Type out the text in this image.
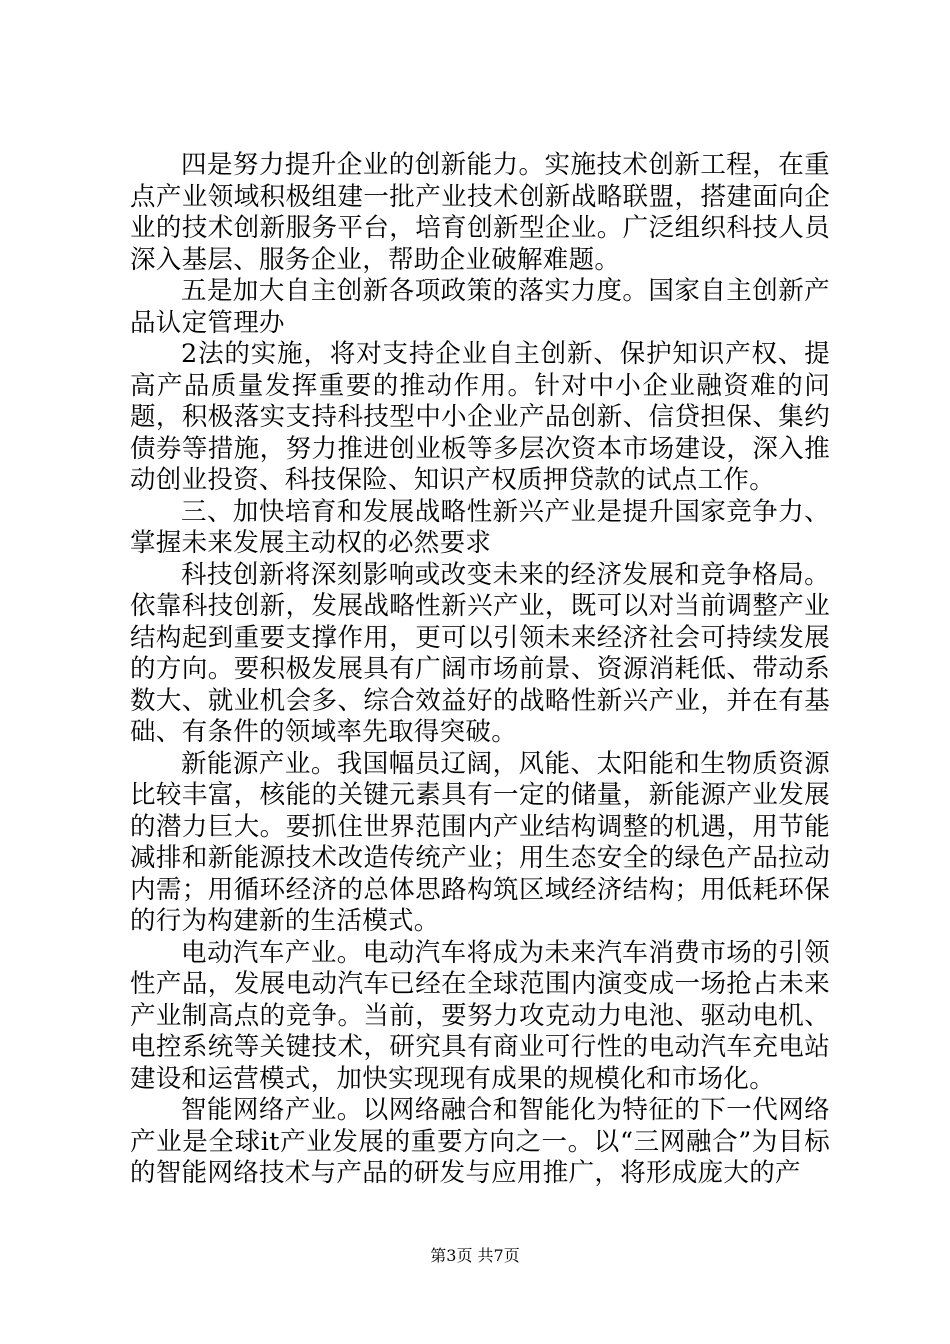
四是努力提升企业的创新能力。实施技术创新工程，在重点产业领域积极组建一批产业技术创新战略联盟，搭建面向企业的技术创新服务平台，培育创新型企业。广泛组织科技人员深入基层、服务企业，帮助企业破解难题。

五是加大自主创新各项政策的落实力度。国家自主创新产品认定管理办

2法的实施，将对支持企业自主创新、保护知识产权、提高产品质量发挥重要的推动作用。针对中小企业融资难的问题，积极落实支持科技型中小企业产品创新、信贷担保、集约债券等措施，努力推进创业板等多层次资本市场建设，深入推动创业投资、科技保险、知识产权质押贷款的试点工作。

三、加快培育和发展战略性新兴产业是提升国家竞争力、掌握未来发展主动权的必然要求

科技创新将深刻影响或改变未来的经济发展和竞争格局。依靠科技创新，发展战略性新兴产业，既可以对当前调整产业结构起到重要支撑作用，更可以引领未来经济社会可持续发展的方向。要积极发展具有广阔市场前景、资源消耗低、带动系数大、就业机会多、综合效益好的战略性新兴产业，并在有基础、有条件的领域率先取得突破。

新能源产业。我国幅员辽阔，风能、太阳能和生物质资源比较丰富，核能的关键元素具有一定的储量，新能源产业发展的潜力巨大。要抓住世界范围内产业结构调整的机遇，用节能减排和新能源技术改造传统产业；用生态安全的绿色产品拉动内需；用循环经济的总体思路构筑区域经济结构；用低耗环保的行为构建新的生活模式。

电动汽车产业。电动汽车将成为未来汽车消费市场的引领性产品，发展电动汽车已经在全球范围内演变成一场抢占未来产业制高点的竞争。当前，要努力攻克动力电池、驱动电机、电控系统等关键技术，研究具有商业可行性的电动汽车充电站建设和运营模式，加快实现现有成果的规模化和市场化。

智能网络产业。以网络融合和智能化为特征的下一代网络产业是全球it产业发展的重要方向之一。以“三网融合”为目标的智能网络技术与产品的研发与应用推广，将形成庞大的产

第3页 共7页
